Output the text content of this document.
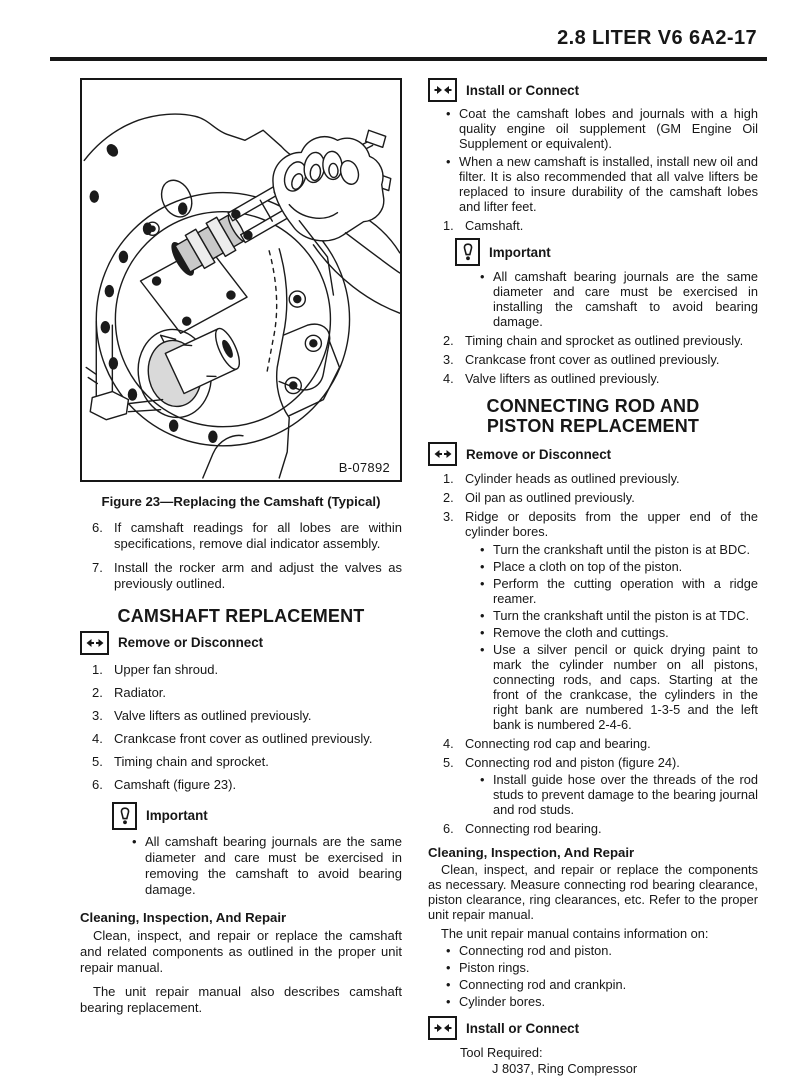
2.8 LITER V6 6A2-17
B-07892
Figure 23—Replacing the Camshaft (Typical)
6. If camshaft readings for all lobes are within specifications, remove dial indicator assembly.
7. Install the rocker arm and adjust the valves as previously outlined.
CAMSHAFT REPLACEMENT
Remove or Disconnect
1. Upper fan shroud.
2. Radiator.
3. Valve lifters as outlined previously.
4. Crankcase front cover as outlined previously.
5. Timing chain and sprocket.
6. Camshaft (figure 23).
Important
• All camshaft bearing journals are the same diameter and care must be exercised in removing the camshaft to avoid bearing damage.
Cleaning, Inspection, And Repair
Clean, inspect, and repair or replace the camshaft and related components as outlined in the proper unit repair manual.
The unit repair manual also describes camshaft bearing replacement.
Install or Connect
• Coat the camshaft lobes and journals with a high quality engine oil supplement (GM Engine Oil Supplement or equivalent).
• When a new camshaft is installed, install new oil and filter. It is also recommended that all valve lifters be replaced to insure durability of the camshaft lobes and lifter feet.
1. Camshaft.
Important
• All camshaft bearing journals are the same diameter and care must be exercised in installing the camshaft to avoid bearing damage.
2. Timing chain and sprocket as outlined previously.
3. Crankcase front cover as outlined previously.
4. Valve lifters as outlined previously.
CONNECTING ROD AND
PISTON REPLACEMENT
Remove or Disconnect
1. Cylinder heads as outlined previously.
2. Oil pan as outlined previously.
3. Ridge or deposits from the upper end of the cylinder bores.
• Turn the crankshaft until the piston is at BDC.
• Place a cloth on top of the piston.
• Perform the cutting operation with a ridge reamer.
• Turn the crankshaft until the piston is at TDC.
• Remove the cloth and cuttings.
• Use a silver pencil or quick drying paint to mark the cylinder number on all pistons, connecting rods, and caps. Starting at the front of the crankcase, the cylinders in the right bank are numbered 1-3-5 and the left bank is numbered 2-4-6.
4. Connecting rod cap and bearing.
5. Connecting rod and piston (figure 24).
• Install guide hose over the threads of the rod studs to prevent damage to the bearing journal and rod studs.
6. Connecting rod bearing.
Cleaning, Inspection, And Repair
Clean, inspect, and repair or replace the components as necessary. Measure connecting rod bearing clearance, piston clearance, ring clearances, etc. Refer to the proper unit repair manual.
The unit repair manual contains information on:
• Connecting rod and piston.
• Piston rings.
• Connecting rod and crankpin.
• Cylinder bores.
Install or Connect
Tool Required:
J 8037, Ring Compressor
